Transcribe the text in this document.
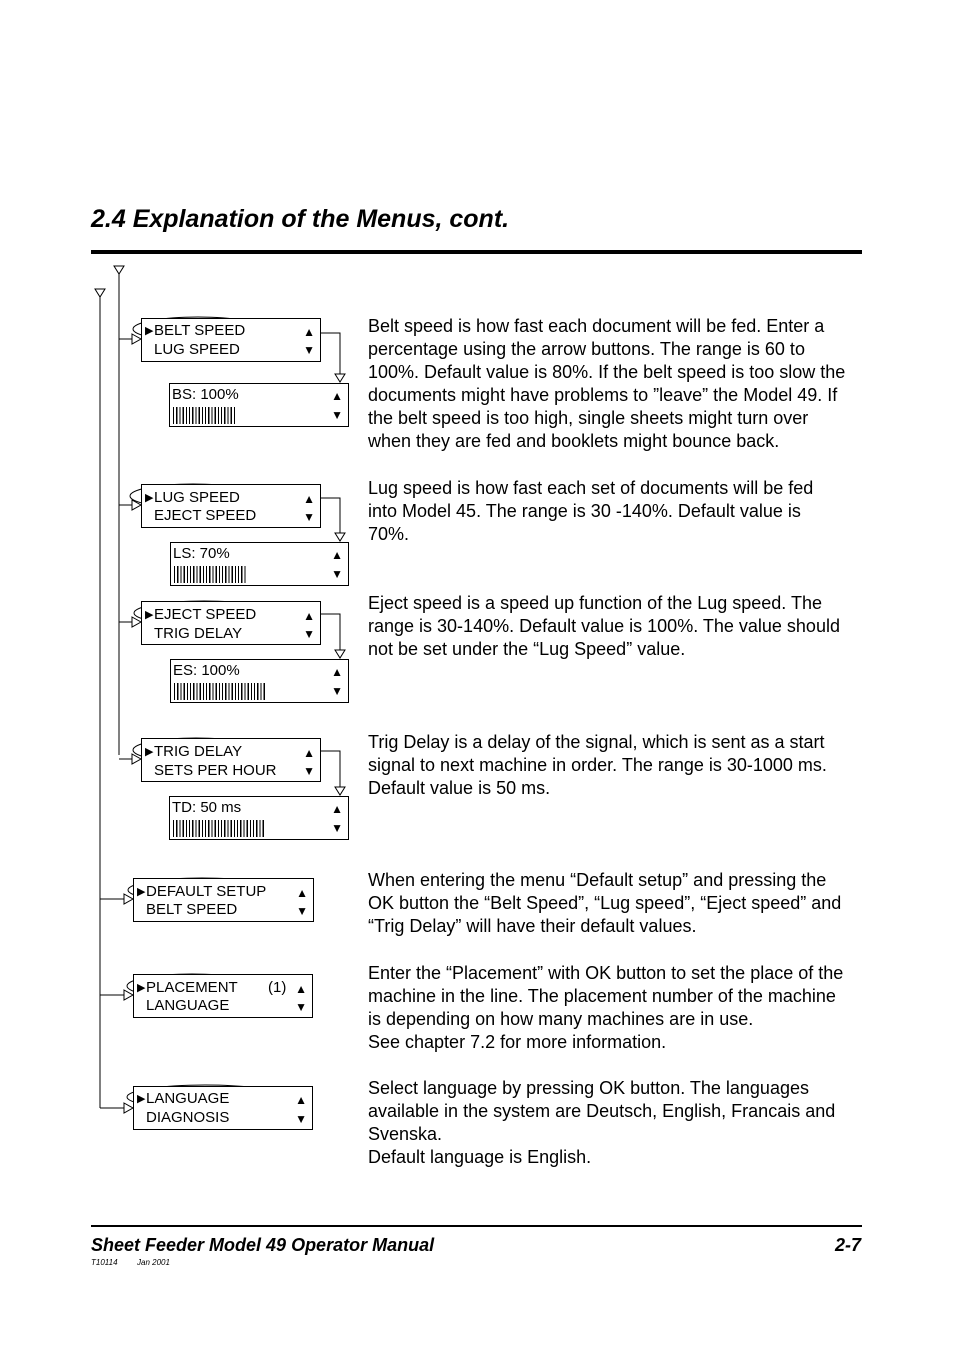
2.4 Explanation of the Menus, cont.
▶ BELT SPEED
LUG SPEED
▲
▼
BS: 100%	▲
▼
▶ LUG SPEED
EJECT SPEED
▲
▼
LS: 70%	▲
▼
▶ EJECT SPEED
TRIG DELAY
▲
▼
ES: 100%	▲
▼
▶ TRIG DELAY
SETS PER HOUR
▲
▼
TD: 50 ms	▲
▼
▶ DEFAULT SETUP
BELT SPEED
▲
▼
▶ PLACEMENT (1)
LANGUAGE
▲
▼
▶ LANGUAGE
DIAGNOSIS
▲
▼

Belt speed is how fast each document will be fed. Enter a

percentage using the arrow buttons. The range is 60 to

100%. Default value is 80%. If the belt speed is too slow the

documents might have problems to ”leave” the Model 49. If

the belt speed is too high, single sheets might turn over

when they are fed and booklets might bounce back.

Lug speed is how fast each set of documents will be fed

into Model 45. The range is 30 -140%. Default value is

70%.

Eject speed is a speed up function of the Lug speed. The

range is 30-140%. Default value is 100%. The value should

not be set under the “Lug Speed” value.

Trig Delay is a delay of the signal, which is sent as a start

signal to next machine in order. The range is 30-1000 ms.

Default value is 50 ms.

When entering the menu “Default setup” and pressing the

OK button the “Belt Speed”, “Lug speed”, “Eject speed” and

“Trig Delay” will have their default values.

Enter the “Placement” with OK button to set the place of the

machine in the line. The placement number of the machine

is depending on how many machines are in use.

See chapter 7.2 for more information.

Select language by pressing OK button. The languages

available in the system are Deutsch, English, Francais and

Svenska.

Default language is English.

Sheet Feeder Model 49 Operator Manual	2-7
T10114 Jan 2001
